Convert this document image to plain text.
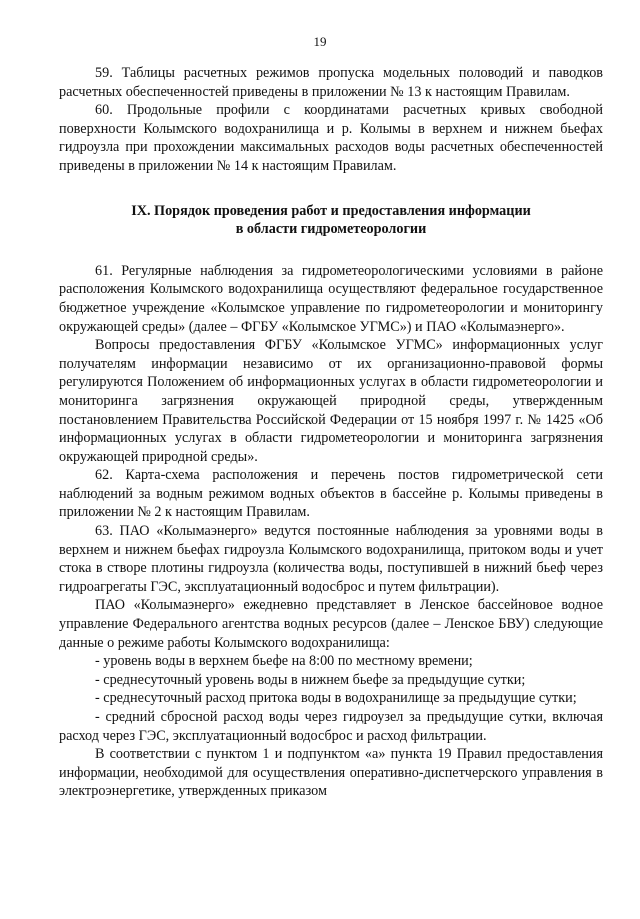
19

59. Таблицы расчетных режимов пропуска модельных половодий и паводков расчетных обеспеченностей приведены в приложении № 13 к настоящим Правилам.

60. Продольные профили с координатами расчетных кривых свободной поверхности Колымского водохранилища и р. Колымы в верхнем и нижнем бьефах гидроузла при прохождении максимальных расходов воды расчетных обеспеченностей приведены в приложении № 14 к настоящим Правилам.

IX. Порядок проведения работ и предоставления информации
в области гидрометеорологии

61. Регулярные наблюдения за гидрометеорологическими условиями в районе расположения Колымского водохранилища осуществляют федеральное государственное бюджетное учреждение «Колымское управление по гидрометеорологии и мониторингу окружающей среды» (далее – ФГБУ «Колымское УГМС») и ПАО «Колымаэнерго».

Вопросы предоставления ФГБУ «Колымское УГМС» информационных услуг получателям информации независимо от их организационно-правовой формы регулируются Положением об информационных услугах в области гидрометеорологии и мониторинга загрязнения окружающей природной среды, утвержденным постановлением Правительства Российской Федерации от 15 ноября 1997 г. № 1425 «Об информационных услугах в области гидрометеорологии и мониторинга загрязнения окружающей природной среды».

62. Карта-схема расположения и перечень постов гидрометрической сети наблюдений за водным режимом водных объектов в бассейне р. Колымы приведены в приложении № 2 к настоящим Правилам.

63. ПАО «Колымаэнерго» ведутся постоянные наблюдения за уровнями воды в верхнем и нижнем бьефах гидроузла Колымского водохранилища, притоком воды и учет стока в створе плотины гидроузла (количества воды, поступившей в нижний бьеф через гидроагрегаты ГЭС, эксплуатационный водосброс и путем фильтрации).

ПАО «Колымаэнерго» ежедневно представляет в Ленское бассейновое водное управление Федерального агентства водных ресурсов (далее – Ленское БВУ) следующие данные о режиме работы Колымского водохранилища:

- уровень воды в верхнем бьефе на 8:00 по местному времени;

- среднесуточный уровень воды в нижнем бьефе за предыдущие сутки;

- среднесуточный расход притока воды в водохранилище за предыдущие сутки;

- средний сбросной расход воды через гидроузел за предыдущие сутки, включая расход через ГЭС, эксплуатационный водосброс и расход фильтрации.

В соответствии с пунктом 1 и подпунктом «а» пункта 19 Правил предоставления информации, необходимой для осуществления оперативно-диспетчерского управления в электроэнергетике, утвержденных приказом
